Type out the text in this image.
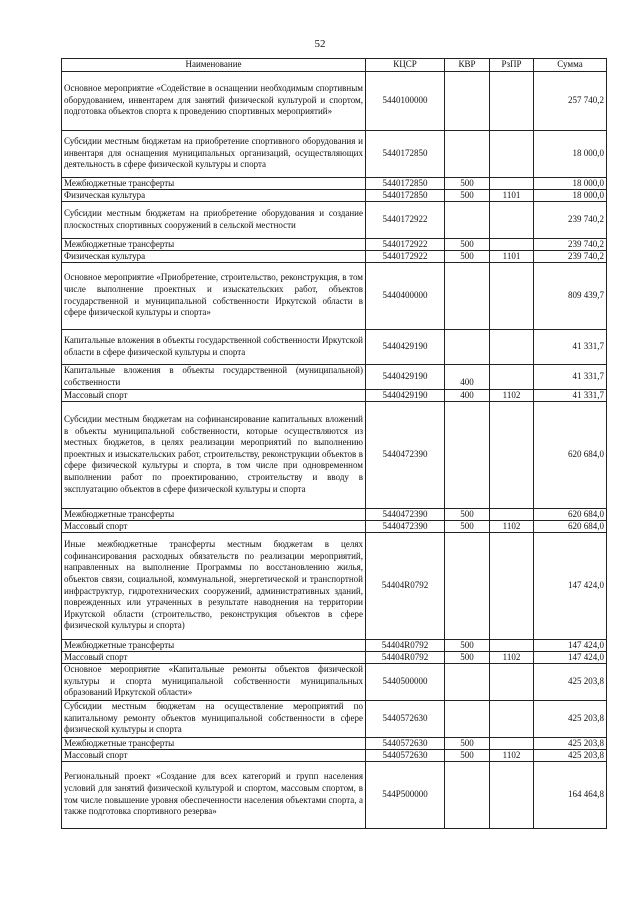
52
Наименование	КЦСР	КВР	РзПР	Сумма
Основное мероприятие «Содействие в оснащении необходимым спортивным оборудованием, инвентарем для занятий физической культурой и спортом, подготовка объектов спорта к проведению спортивных мероприятий»	5440100000			257 740,2
Субсидии местным бюджетам на приобретение спортивного оборудования и инвентаря для оснащения муниципальных организаций, осуществляющих деятельность в сфере физической культуры и спорта	5440172850			18 000,0
Межбюджетные трансферты	5440172850	500		18 000,0
Физическая культура	5440172850	500	1101	18 000,0
Субсидии местным бюджетам на приобретение оборудования и создание плоскостных спортивных сооружений в сельской местности	5440172922			239 740,2
Межбюджетные трансферты	5440172922	500		239 740,2
Физическая культура	5440172922	500	1101	239 740,2
Основное мероприятие «Приобретение, строительство, реконструкция, в том числе выполнение проектных и изыскательских работ, объектов государственной и муниципальной собственности Иркутской области в сфере физической культуры и спорта»	5440400000			809 439,7
Капитальные вложения в объекты государственной собственности Иркутской области в сфере физической культуры и спорта	5440429190			41 331,7
Капитальные вложения в объекты государственной (муниципальной) собственности	5440429190	400		41 331,7
Массовый спорт	5440429190	400	1102	41 331,7
Субсидии местным бюджетам на софинансирование капитальных вложений в объекты муниципальной собственности, которые осуществляются из местных бюджетов, в целях реализации мероприятий по выполнению проектных и изыскательских работ, строительству, реконструкции объектов в сфере физической культуры и спорта, в том числе при одновременном выполнении работ по проектированию, строительству и вводу в эксплуатацию объектов в сфере физической культуры и спорта	5440472390			620 684,0
Межбюджетные трансферты	5440472390	500		620 684,0
Массовый спорт	5440472390	500	1102	620 684,0
Иные межбюджетные трансферты местным бюджетам в целях софинансирования расходных обязательств по реализации мероприятий, направленных на выполнение Программы по восстановлению жилья, объектов связи, социальной, коммунальной, энергетической и транспортной инфраструктур, гидротехнических сооружений, административных зданий, поврежденных или утраченных в результате наводнения на территории Иркутской области (строительство, реконструкция объектов в сфере физической культуры и спорта)	54404R0792			147 424,0
Межбюджетные трансферты	54404R0792	500		147 424,0
Массовый спорт	54404R0792	500	1102	147 424,0
Основное мероприятие «Капитальные ремонты объектов физической культуры и спорта муниципальной собственности муниципальных образований Иркутской области»	5440500000			425 203,8
Субсидии местным бюджетам на осуществление мероприятий по капитальному ремонту объектов муниципальной собственности в сфере физической культуры и спорта	5440572630			425 203,8
Межбюджетные трансферты	5440572630	500		425 203,8
Массовый спорт	5440572630	500	1102	425 203,8
Региональный проект «Создание для всех категорий и групп населения условий для занятий физической культурой и спортом, массовым спортом, в том числе повышение уровня обеспеченности населения объектами спорта, а также подготовка спортивного резерва»	544P500000			164 464,8
